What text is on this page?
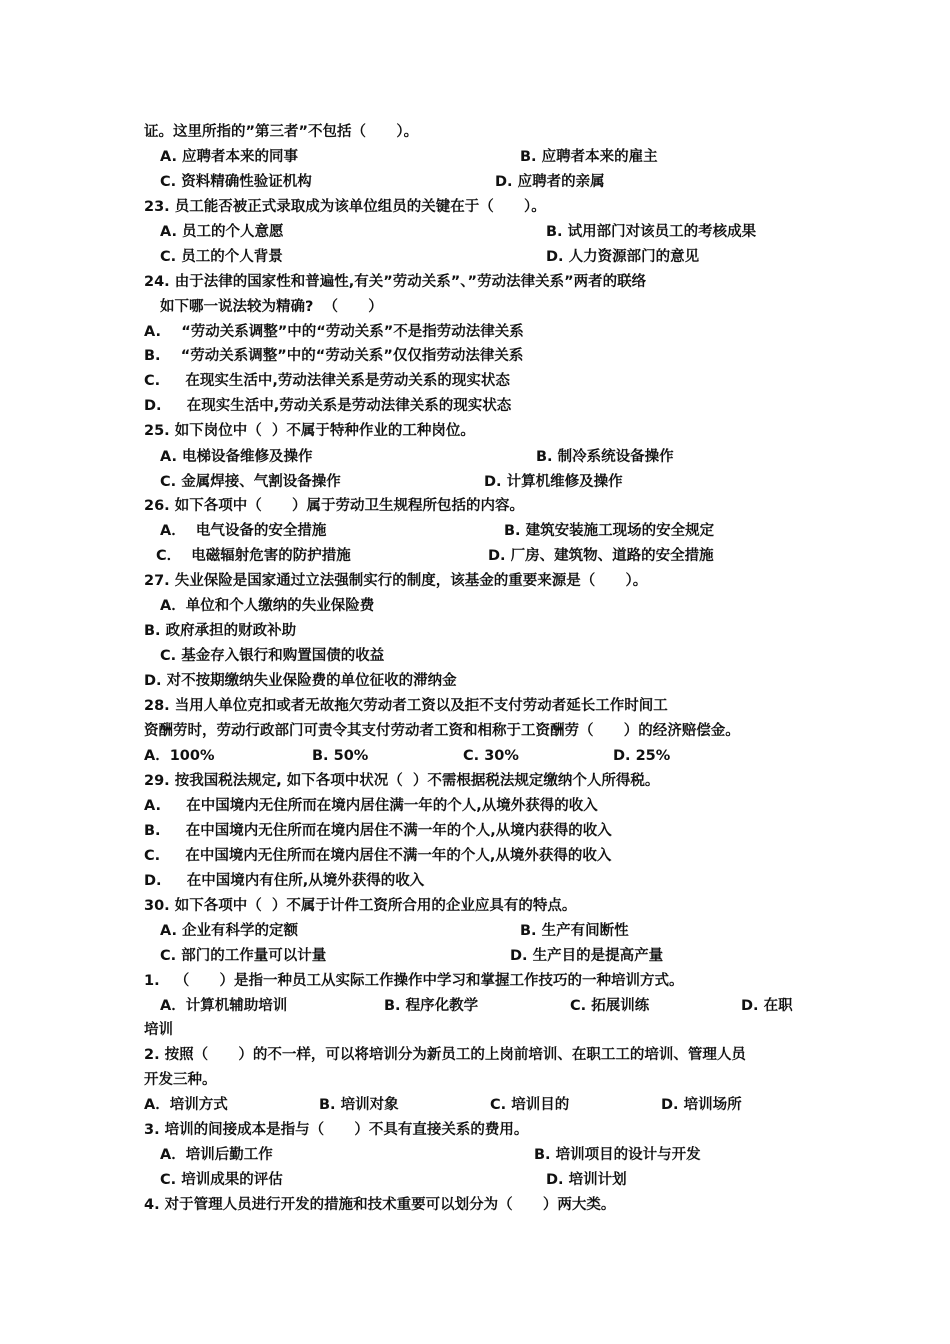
证。这里所指的”第三者”不包括（      ）。
A. 应聘者本来的同事	B. 应聘者本来的雇主
C. 资料精确性验证机构	D. 应聘者的亲属
23. 员工能否被正式录取成为该单位组员的关键在于（      ）。
A. 员工的个人意愿	B. 试用部门对该员工的考核成果
C. 员工的个人背景	D. 人力资源部门的意见
24. 由于法律的国家性和普遍性,有关”劳动关系”、”劳动法律关系”两者的联络
如下哪一说法较为精确?  （      ）
A.    “劳动关系调整”中的“劳动关系”不是指劳动法律关系
B.    “劳动关系调整”中的“劳动关系”仅仅指劳动法律关系
C.     在现实生活中,劳动法律关系是劳动关系的现实状态
D.     在现实生活中,劳动关系是劳动法律关系的现实状态
25. 如下岗位中（  ）不属于特种作业的工种岗位。
A. 电梯设备维修及操作	B. 制冷系统设备操作
C. 金属焊接、气割设备操作	D. 计算机维修及操作
26. 如下各项中（      ）属于劳动卫生规程所包括的内容。
A．  电气设备的安全措施	B. 建筑安装施工现场的安全规定
C．  电磁辐射危害的防护措施	D. 厂房、建筑物、道路的安全措施
27. 失业保险是国家通过立法强制实行的制度，该基金的重要来源是（      ）。
A．单位和个人缴纳的失业保险费
B. 政府承担的财政补助
C. 基金存入银行和购置国债的收益
D. 对不按期缴纳失业保险费的单位征收的滞纳金
28. 当用人单位克扣或者无故拖欠劳动者工资以及拒不支付劳动者延长工作时间工
资酬劳时，劳动行政部门可责令其支付劳动者工资和相称于工资酬劳（      ）的经济赔偿金。
A．100%	B. 50%	C. 30%	D. 25%
29. 按我国税法规定, 如下各项中状况（  ）不需根据税法规定缴纳个人所得税。
A.     在中国境内无住所而在境内居住满一年的个人,从境外获得的收入
B.     在中国境内无住所而在境内居住不满一年的个人,从境内获得的收入
C.     在中国境内无住所而在境内居住不满一年的个人,从境外获得的收入
D.     在中国境内有住所,从境外获得的收入
30. 如下各项中（  ）不属于计件工资所合用的企业应具有的特点。
A. 企业有科学的定额	B. 生产有间断性
C. 部门的工作量可以计量	D. 生产目的是提高产量
1.   （      ）是指一种员工从实际工作操作中学习和掌握工作技巧的一种培训方式。
A．计算机辅助培训	B. 程序化教学	C. 拓展训练	D. 在职
培训
2. 按照（      ）的不一样，可以将培训分为新员工的上岗前培训、在职工工的培训、管理人员
开发三种。
A．培训方式	B. 培训对象	C. 培训目的	D. 培训场所
3. 培训的间接成本是指与（      ）不具有直接关系的费用。
A．培训后勤工作	B. 培训项目的设计与开发
C. 培训成果的评估	D. 培训计划
4. 对于管理人员进行开发的措施和技术重要可以划分为（      ）两大类。
